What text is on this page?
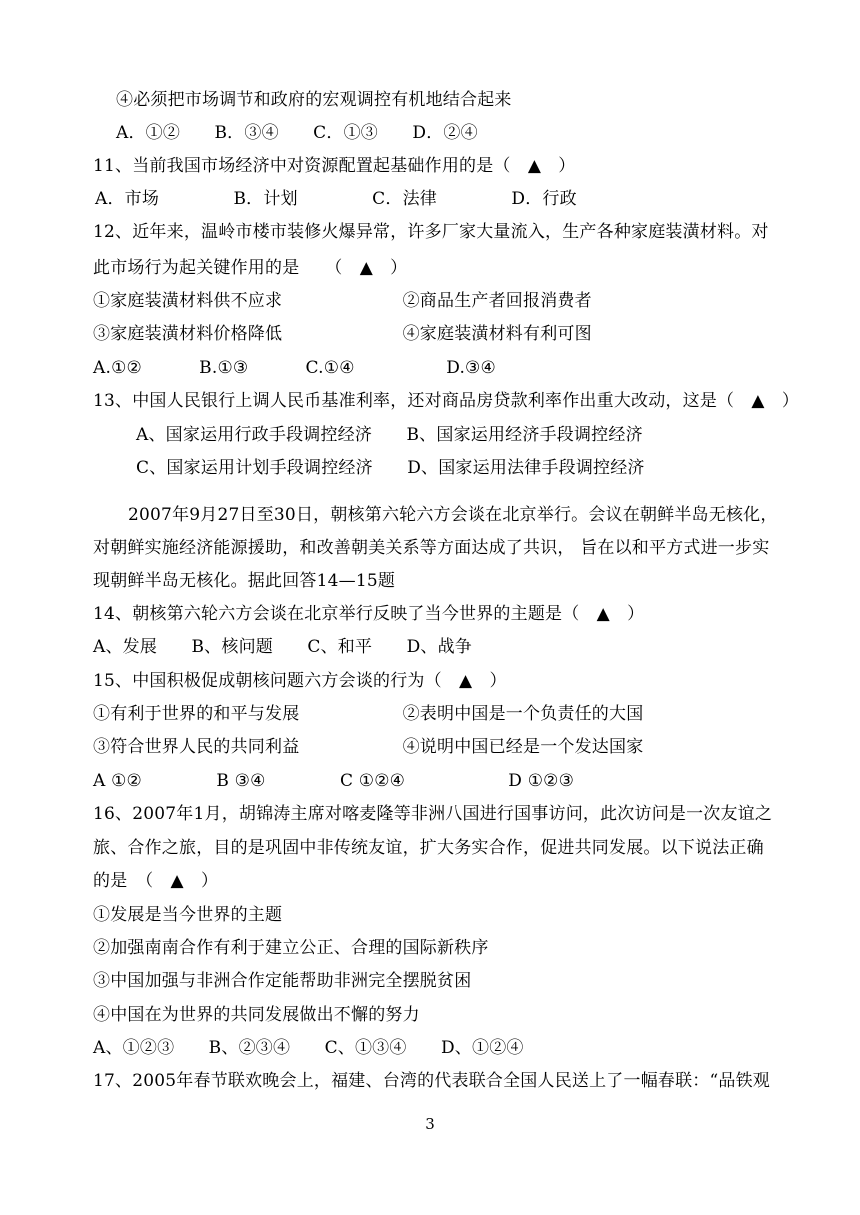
④必须把市场调节和政府的宏观调控有机地结合起来
A．①②　　B．③④　　C．①③　　D．②④
11、当前我国市场经济中对资源配置起基础作用的是（　▲　）
A．市场　　　　 B．计划　　　　 C．法律　　　　 D．行政
12、近年来，温岭市楼市装修火爆异常，许多厂家大量流入，生产各种家庭装潢材料。对
此市场行为起关键作用的是　　（　▲　）
①家庭装潢材料供不应求　　　　　　　②商品生产者回报消费者
③家庭装潢材料价格降低　　　　　　　④家庭装潢材料有利可图
A.①②　　　 B.①③　　　 C.①④　　　　　 D.③④
13、中国人民银行上调人民币基准利率，还对商品房贷款利率作出重大改动，这是（　▲　）
A、国家运用行政手段调控经济　　B、国家运用经济手段调控经济
C、国家运用计划手段调控经济　　D、国家运用法律手段调控经济
2007年9月27日至30日，朝核第六轮六方会谈在北京举行。会议在朝鲜半岛无核化，
对朝鲜实施经济能源援助，和改善朝美关系等方面达成了共识， 旨在以和平方式进一步实
现朝鲜半岛无核化。据此回答14—15题
14、朝核第六轮六方会谈在北京举行反映了当今世界的主题是（　▲　）
A、发展　　B、核问题　　C、和平　　D、战争
15、中国积极促成朝核问题六方会谈的行为（　▲　）
①有利于世界的和平与发展　　　　　　②表明中国是一个负责任的大国
③符合世界人民的共同利益　　　　　　④说明中国已经是一个发达国家
A ①②　　　　 B ③④　　　　 C ①②④　　　　　　D ①②③
16、2007年1月，胡锦涛主席对喀麦隆等非洲八国进行国事访问，此次访问是一次友谊之
旅、合作之旅，目的是巩固中非传统友谊，扩大务实合作，促进共同发展。以下说法正确
的是　（　▲　）
①发展是当今世界的主题
②加强南南合作有利于建立公正、合理的国际新秩序
③中国加强与非洲合作定能帮助非洲完全摆脱贫困
④中国在为世界的共同发展做出不懈的努力
A、①②③　　B、②③④　　C、①③④　　D、①②④
17、2005年春节联欢晚会上，福建、台湾的代表联合全国人民送上了一幅春联：“品铁观
3
